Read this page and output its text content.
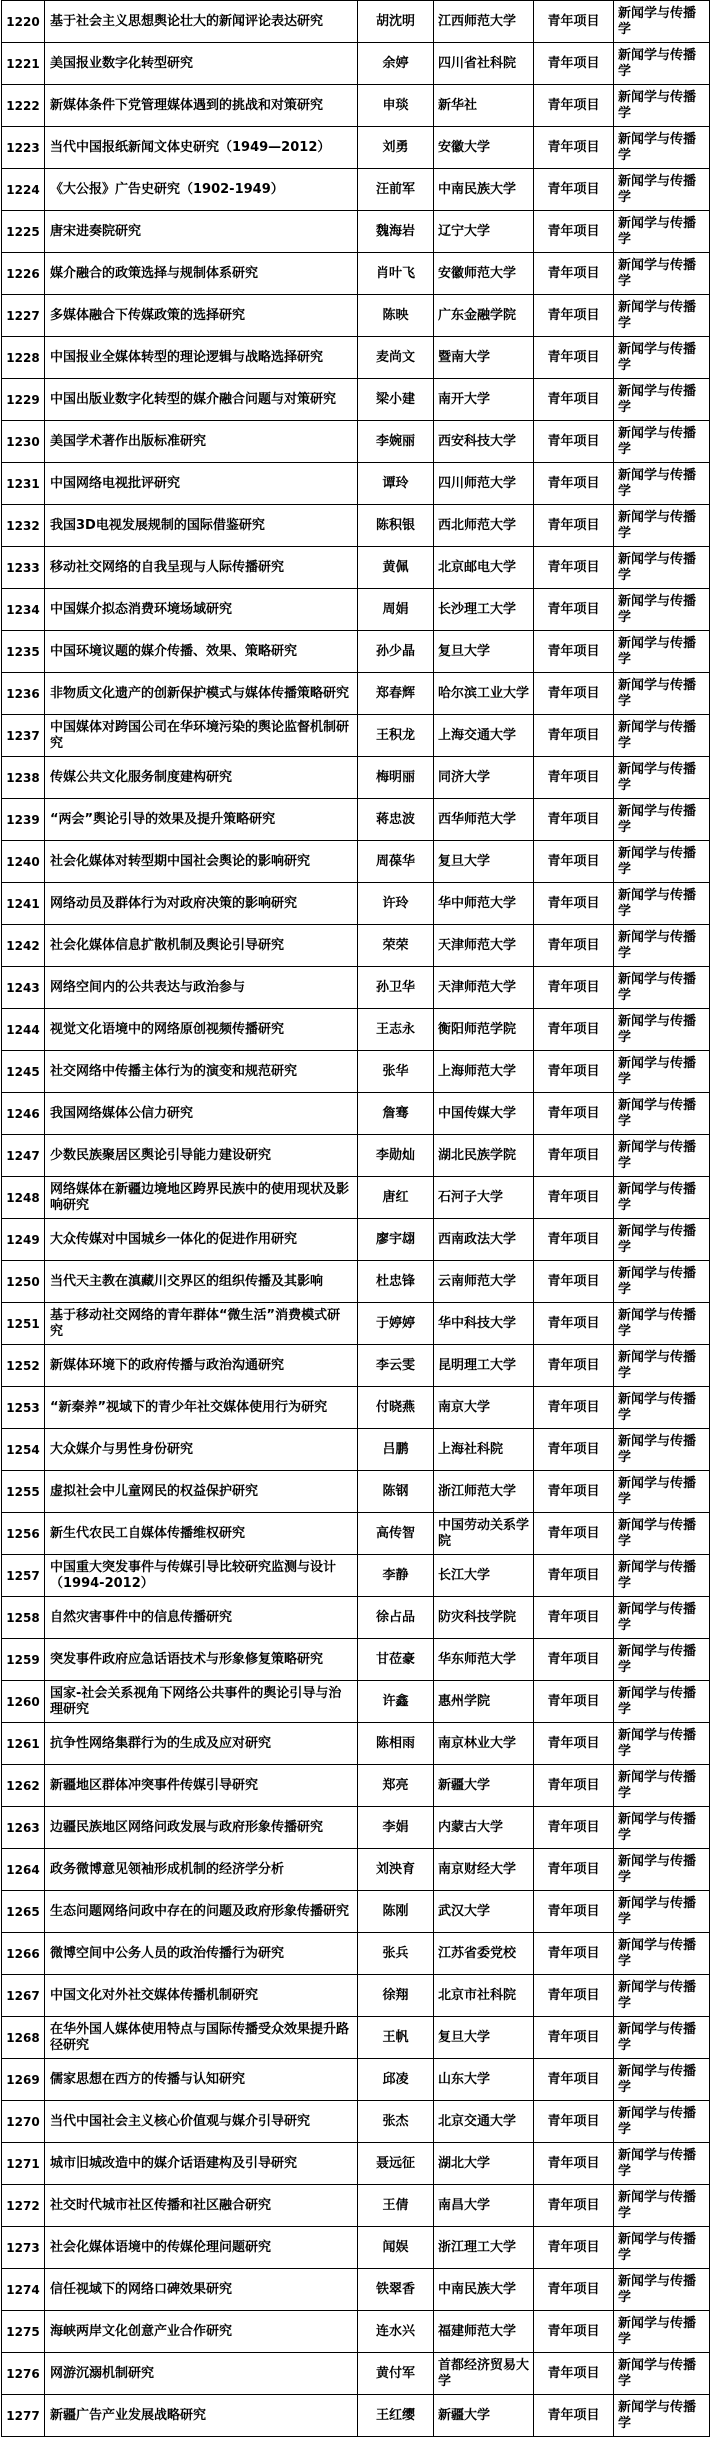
1220	基于社会主义思想舆论壮大的新闻评论表达研究	胡沈明	江西师范大学	青年项目	新闻学与传播学
1221	美国报业数字化转型研究	余婷	四川省社科院	青年项目	新闻学与传播学
1222	新媒体条件下党管理媒体遇到的挑战和对策研究	申琰	新华社	青年项目	新闻学与传播学
1223	当代中国报纸新闻文体史研究（1949—2012）	刘勇	安徽大学	青年项目	新闻学与传播学
1224	《大公报》广告史研究（1902-1949）	汪前军	中南民族大学	青年项目	新闻学与传播学
1225	唐宋进奏院研究	魏海岩	辽宁大学	青年项目	新闻学与传播学
1226	媒介融合的政策选择与规制体系研究	肖叶飞	安徽师范大学	青年项目	新闻学与传播学
1227	多媒体融合下传媒政策的选择研究	陈映	广东金融学院	青年项目	新闻学与传播学
1228	中国报业全媒体转型的理论逻辑与战略选择研究	麦尚文	暨南大学	青年项目	新闻学与传播学
1229	中国出版业数字化转型的媒介融合问题与对策研究	梁小建	南开大学	青年项目	新闻学与传播学
1230	美国学术著作出版标准研究	李婉丽	西安科技大学	青年项目	新闻学与传播学
1231	中国网络电视批评研究	谭玲	四川师范大学	青年项目	新闻学与传播学
1232	我国3D电视发展规制的国际借鉴研究	陈积银	西北师范大学	青年项目	新闻学与传播学
1233	移动社交网络的自我呈现与人际传播研究	黄佩	北京邮电大学	青年项目	新闻学与传播学
1234	中国媒介拟态消费环境场域研究	周娟	长沙理工大学	青年项目	新闻学与传播学
1235	中国环境议题的媒介传播、效果、策略研究	孙少晶	复旦大学	青年项目	新闻学与传播学
1236	非物质文化遗产的创新保护模式与媒体传播策略研究	郑春辉	哈尔滨工业大学	青年项目	新闻学与传播学
1237	中国媒体对跨国公司在华环境污染的舆论监督机制研究	王积龙	上海交通大学	青年项目	新闻学与传播学
1238	传媒公共文化服务制度建构研究	梅明丽	同济大学	青年项目	新闻学与传播学
1239	“两会”舆论引导的效果及提升策略研究	蒋忠波	西华师范大学	青年项目	新闻学与传播学
1240	社会化媒体对转型期中国社会舆论的影响研究	周葆华	复旦大学	青年项目	新闻学与传播学
1241	网络动员及群体行为对政府决策的影响研究	许玲	华中师范大学	青年项目	新闻学与传播学
1242	社会化媒体信息扩散机制及舆论引导研究	荣荣	天津师范大学	青年项目	新闻学与传播学
1243	网络空间内的公共表达与政治参与	孙卫华	天津师范大学	青年项目	新闻学与传播学
1244	视觉文化语境中的网络原创视频传播研究	王志永	衡阳师范学院	青年项目	新闻学与传播学
1245	社交网络中传播主体行为的演变和规范研究	张华	上海师范大学	青年项目	新闻学与传播学
1246	我国网络媒体公信力研究	詹骞	中国传媒大学	青年项目	新闻学与传播学
1247	少数民族聚居区舆论引导能力建设研究	李勋灿	湖北民族学院	青年项目	新闻学与传播学
1248	网络媒体在新疆边境地区跨界民族中的使用现状及影响研究	唐红	石河子大学	青年项目	新闻学与传播学
1249	大众传媒对中国城乡一体化的促进作用研究	廖宇翃	西南政法大学	青年项目	新闻学与传播学
1250	当代天主教在滇藏川交界区的组织传播及其影响	杜忠锋	云南师范大学	青年项目	新闻学与传播学
1251	基于移动社交网络的青年群体“微生活”消费模式研究	于婷婷	华中科技大学	青年项目	新闻学与传播学
1252	新媒体环境下的政府传播与政治沟通研究	李云雯	昆明理工大学	青年项目	新闻学与传播学
1253	“新秦养”视域下的青少年社交媒体使用行为研究	付晓燕	南京大学	青年项目	新闻学与传播学
1254	大众媒介与男性身份研究	吕鹏	上海社科院	青年项目	新闻学与传播学
1255	虚拟社会中儿童网民的权益保护研究	陈钢	浙江师范大学	青年项目	新闻学与传播学
1256	新生代农民工自媒体传播维权研究	高传智	中国劳动关系学院	青年项目	新闻学与传播学
1257	中国重大突发事件与传媒引导比较研究监测与设计（1994-2012）	李静	长江大学	青年项目	新闻学与传播学
1258	自然灾害事件中的信息传播研究	徐占品	防灾科技学院	青年项目	新闻学与传播学
1259	突发事件政府应急话语技术与形象修复策略研究	甘莅豪	华东师范大学	青年项目	新闻学与传播学
1260	国家-社会关系视角下网络公共事件的舆论引导与治理研究	许鑫	惠州学院	青年项目	新闻学与传播学
1261	抗争性网络集群行为的生成及应对研究	陈相雨	南京林业大学	青年项目	新闻学与传播学
1262	新疆地区群体冲突事件传媒引导研究	郑亮	新疆大学	青年项目	新闻学与传播学
1263	边疆民族地区网络问政发展与政府形象传播研究	李娟	内蒙古大学	青年项目	新闻学与传播学
1264	政务微博意见领袖形成机制的经济学分析	刘泱育	南京财经大学	青年项目	新闻学与传播学
1265	生态问题网络问政中存在的问题及政府形象传播研究	陈刚	武汉大学	青年项目	新闻学与传播学
1266	微博空间中公务人员的政治传播行为研究	张兵	江苏省委党校	青年项目	新闻学与传播学
1267	中国文化对外社交媒体传播机制研究	徐翔	北京市社科院	青年项目	新闻学与传播学
1268	在华外国人媒体使用特点与国际传播受众效果提升路径研究	王帆	复旦大学	青年项目	新闻学与传播学
1269	儒家思想在西方的传播与认知研究	邱凌	山东大学	青年项目	新闻学与传播学
1270	当代中国社会主义核心价值观与媒介引导研究	张杰	北京交通大学	青年项目	新闻学与传播学
1271	城市旧城改造中的媒介话语建构及引导研究	聂远征	湖北大学	青年项目	新闻学与传播学
1272	社交时代城市社区传播和社区融合研究	王倩	南昌大学	青年项目	新闻学与传播学
1273	社会化媒体语境中的传媒伦理问题研究	闻娱	浙江理工大学	青年项目	新闻学与传播学
1274	信任视域下的网络口碑效果研究	铁翠香	中南民族大学	青年项目	新闻学与传播学
1275	海峡两岸文化创意产业合作研究	连水兴	福建师范大学	青年项目	新闻学与传播学
1276	网游沉溺机制研究	黄付军	首都经济贸易大学	青年项目	新闻学与传播学
1277	新疆广告产业发展战略研究	王红缨	新疆大学	青年项目	新闻学与传播学
